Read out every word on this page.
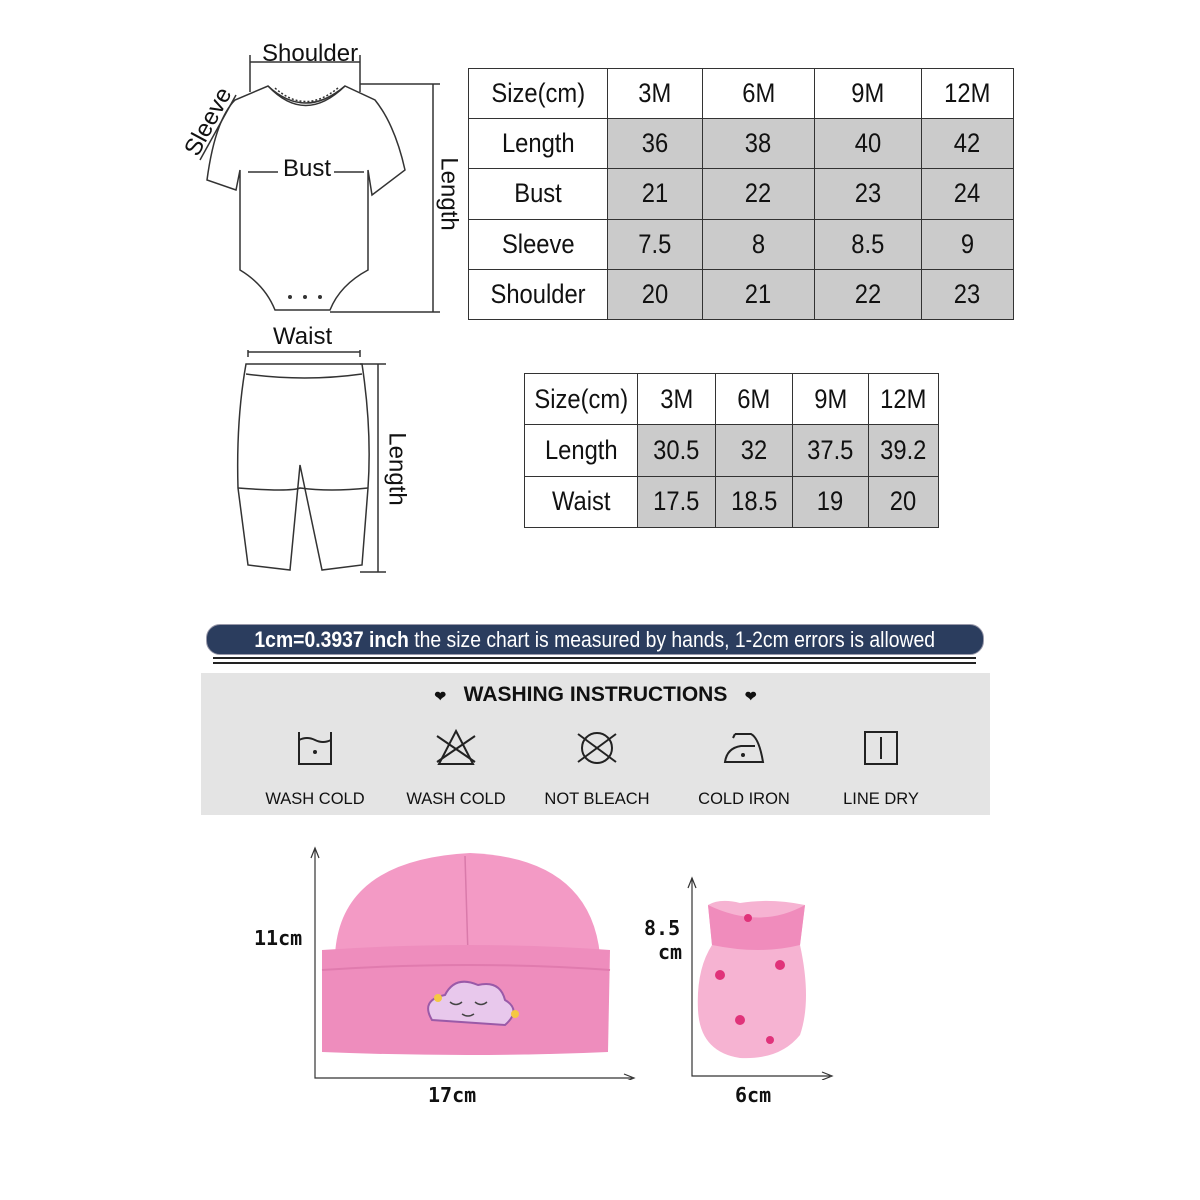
Shoulder
Sleeve
Bust	Length
Waist
Length
Size(cm)	3M	6M	9M	12M
Length	36	38	40	42
Bust	21	22	23	24
Sleeve	7.5	8	8.5	9
Shoulder	20	21	22	23
Size(cm)	3M	6M	9M	12M
Length	30.5	32	37.5	39.2
Waist	17.5	18.5	19	20
1cm=0.3937 inch the size chart is measured by hands, 1-2cm errors is allowed
❤ WASHING INSTRUCTIONS ❤
WASH COLD	WASH COLD	NOT BLEACH	COLD IRON	LINE DRY
11cm
17cm
8.5
cm
6cm
